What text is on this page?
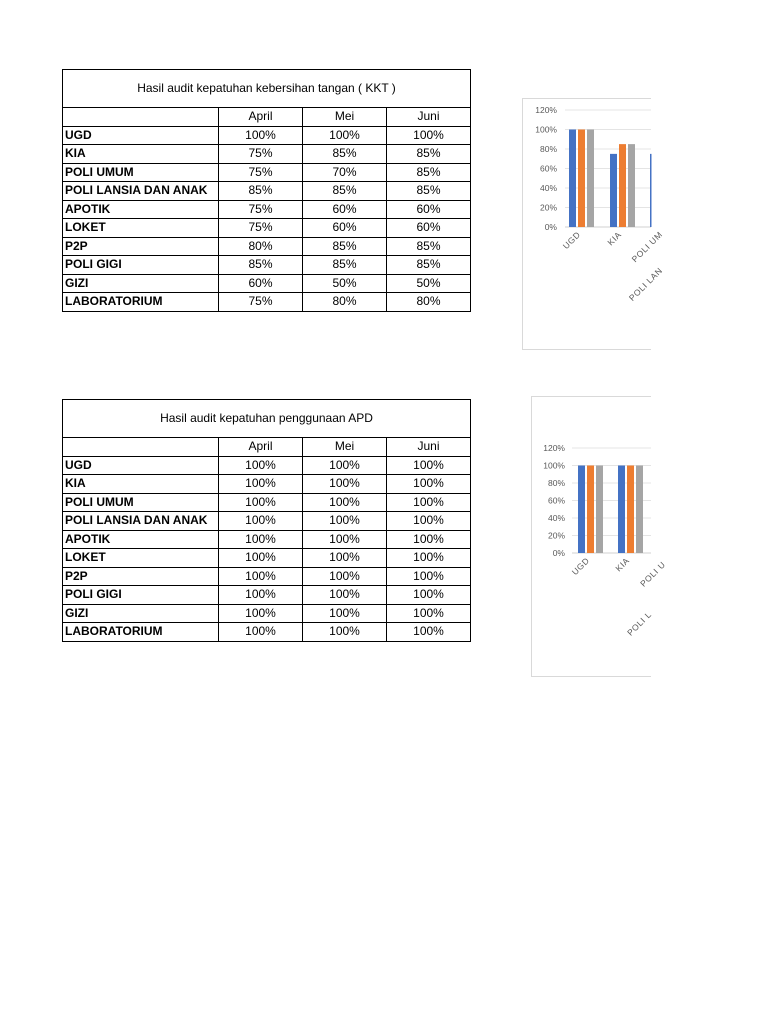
Hasil audit kepatuhan kebersihan tangan ( KKT )			
	April	Mei	Juni
UGD	100%	100%	100%
KIA	75%	85%	85%
POLI UMUM	75%	70%	85%
POLI LANSIA DAN ANAK	85%	85%	85%
APOTIK	75%	60%	60%
LOKET	75%	60%	60%
P2P	80%	85%	85%
POLI GIGI	85%	85%	85%
GIZI	60%	50%	50%
LABORATORIUM	75%	80%	80%
Hasil audit kepatuhan penggunaan APD			
	April	Mei	Juni
UGD	100%	100%	100%
KIA	100%	100%	100%
POLI UMUM	100%	100%	100%
POLI LANSIA DAN ANAK	100%	100%	100%
APOTIK	100%	100%	100%
LOKET	100%	100%	100%
P2P	100%	100%	100%
POLI GIGI	100%	100%	100%
GIZI	100%	100%	100%
LABORATORIUM	100%	100%	100%
0%
20%
40%
60%
80%
100%
120%
UGD	KIA POLI UM
POLI LAN
0%
20%
40%
60%
80%
100%
120%
UGD	KIA POLI U
POLI L
